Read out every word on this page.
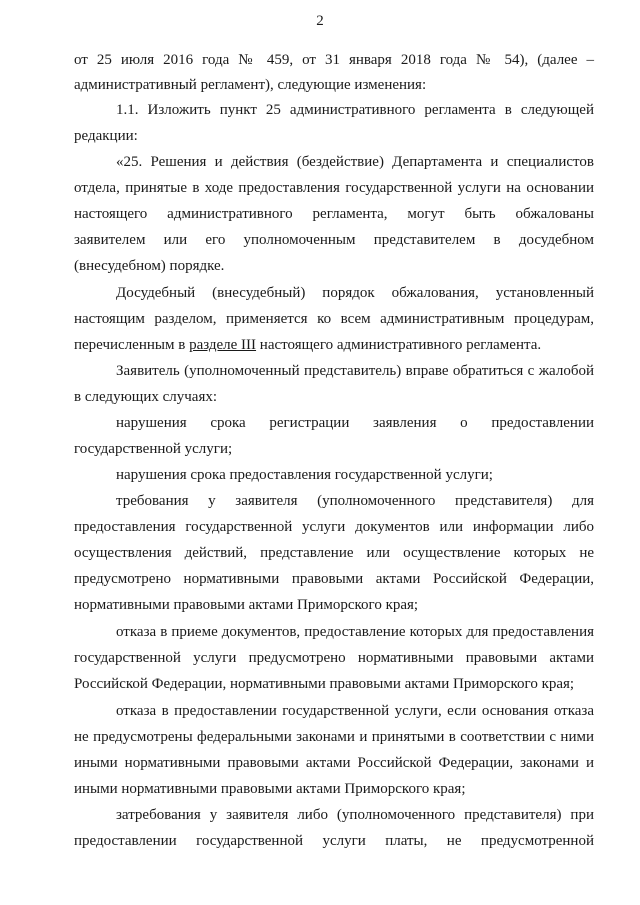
2
от 25 июля 2016 года № 459, от 31 января 2018 года № 54), (далее –
административный регламент), следующие изменения:
1.1. Изложить пункт 25 административного регламента в следующей
редакции:
«25. Решения и действия (бездействие) Департамента и специалистов
отдела, принятые в ходе предоставления государственной услуги на основании
настоящего административного регламента, могут быть обжалованы
заявителем или его уполномоченным представителем в досудебном
(внесудебном) порядке.
Досудебный (внесудебный) порядок обжалования, установленный
настоящим разделом, применяется ко всем административным процедурам,
перечисленным в разделе III настоящего административного регламента.
Заявитель (уполномоченный представитель) вправе обратиться с жалобой
в следующих случаях:
нарушения срока регистрации заявления о предоставлении
государственной услуги;
нарушения срока предоставления государственной услуги;
требования у заявителя (уполномоченного представителя) для
предоставления государственной услуги документов или информации либо
осуществления действий, представление или осуществление которых не
предусмотрено нормативными правовыми актами Российской Федерации,
нормативными правовыми актами Приморского края;
отказа в приеме документов, предоставление которых для предоставления
государственной услуги предусмотрено нормативными правовыми актами
Российской Федерации, нормативными правовыми актами Приморского края;
отказа в предоставлении государственной услуги, если основания отказа
не предусмотрены федеральными законами и принятыми в соответствии с ними
иными нормативными правовыми актами Российской Федерации, законами и
иными нормативными правовыми актами Приморского края;
затребования у заявителя либо (уполномоченного представителя) при
предоставлении государственной услуги платы, не предусмотренной
